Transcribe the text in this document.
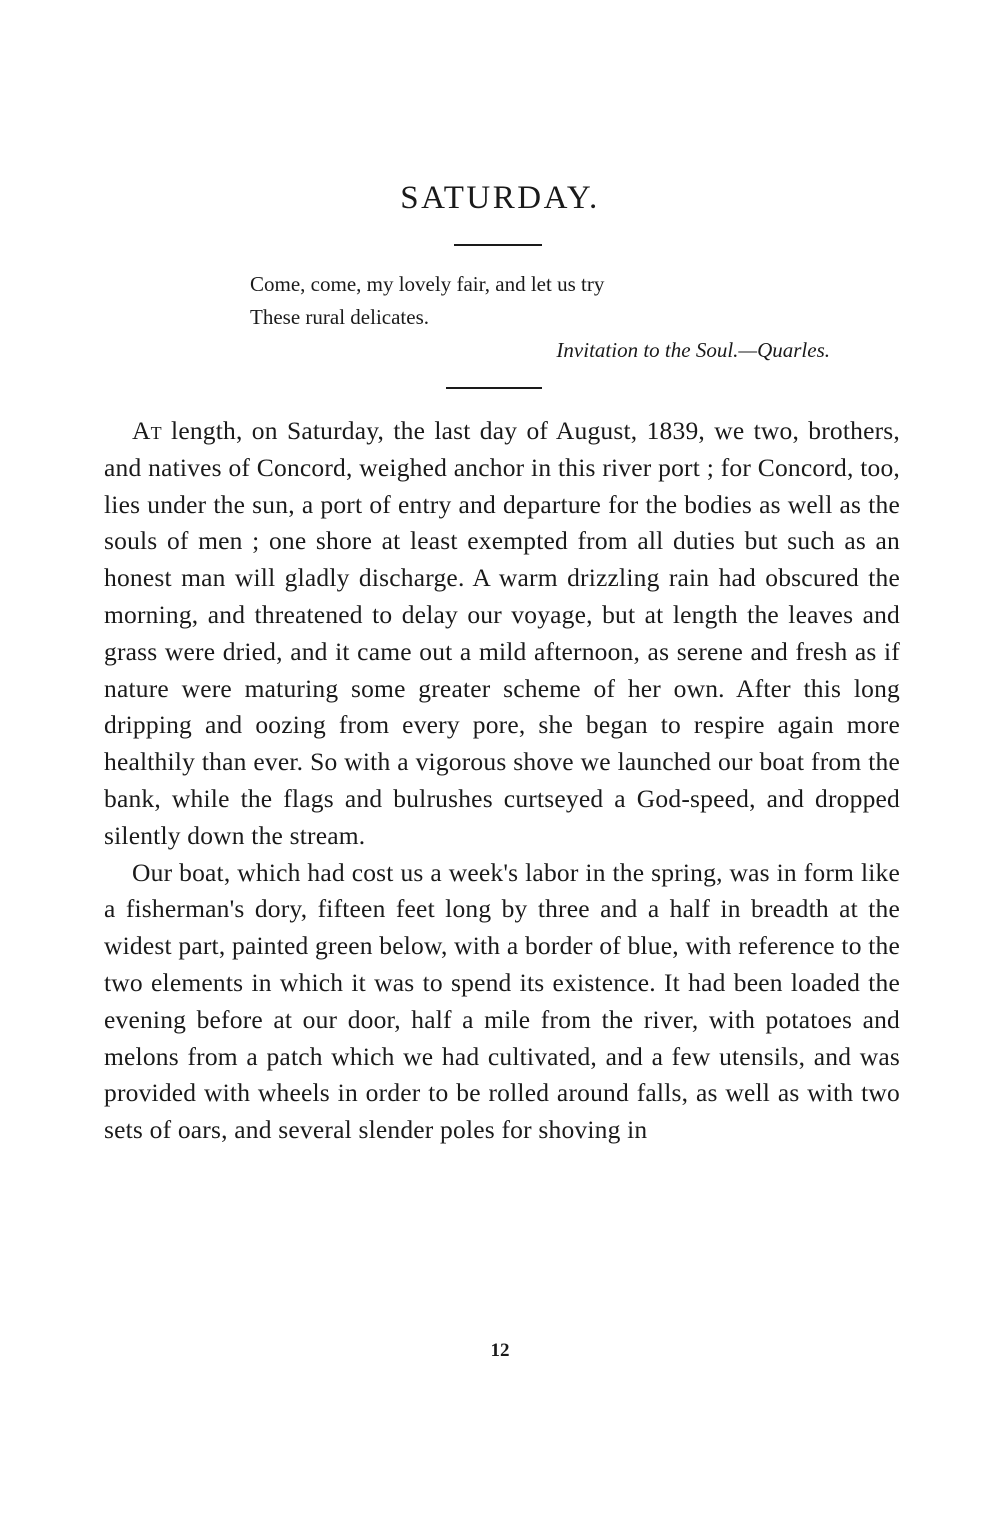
SATURDAY.
Come, come, my lovely fair, and let us try
These rural delicates.
Invitation to the Soul.—Quarles.

At length, on Saturday, the last day of August, 1839, we two, brothers, and natives of Concord, weighed anchor in this river port ; for Concord, too, lies under the sun, a port of entry and departure for the bodies as well as the souls of men ; one shore at least exempted from all duties but such as an honest man will gladly discharge. A warm drizzling rain had obscured the morning, and threatened to delay our voyage, but at length the leaves and grass were dried, and it came out a mild afternoon, as serene and fresh as if nature were maturing some greater scheme of her own. After this long dripping and oozing from every pore, she began to respire again more healthily than ever. So with a vigorous shove we launched our boat from the bank, while the flags and bulrushes curtseyed a God-speed, and dropped silently down the stream.

Our boat, which had cost us a week's labor in the spring, was in form like a fisherman's dory, fifteen feet long by three and a half in breadth at the widest part, painted green below, with a border of blue, with reference to the two elements in which it was to spend its existence. It had been loaded the evening before at our door, half a mile from the river, with potatoes and melons from a patch which we had cultivated, and a few utensils, and was provided with wheels in order to be rolled around falls, as well as with two sets of oars, and several slender poles for shoving in

12
